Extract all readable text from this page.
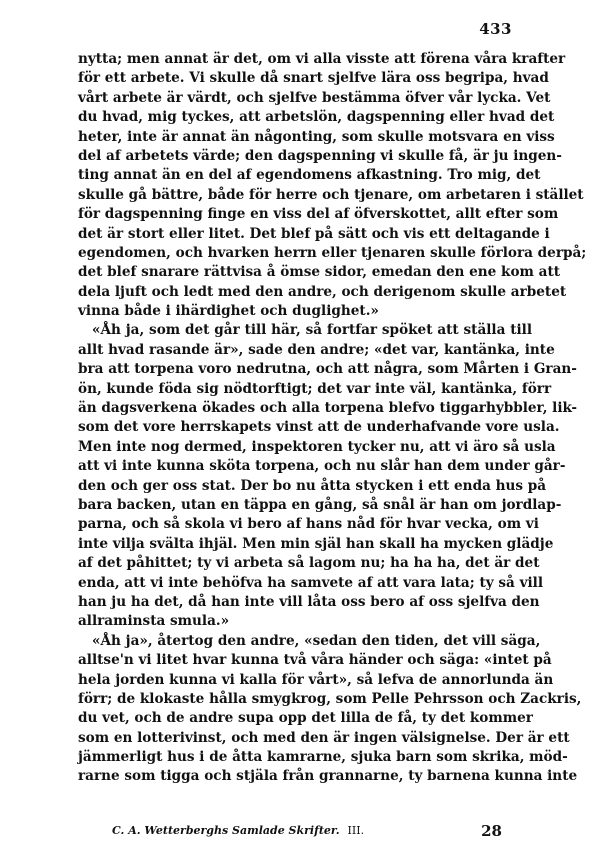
433
nytta; men annat är det, om vi alla visste att förena våra krafter
för ett arbete. Vi skulle då snart sjelfve lära oss begripa, hvad
vårt arbete är värdt, och sjelfve bestämma öfver vår lycka. Vet
du hvad, mig tyckes, att arbetslön, dagspenning eller hvad det
heter, inte är annat än någonting, som skulle motsvara en viss
del af arbetets värde; den dagspenning vi skulle få, är ju ingen-
ting annat än en del af egendomens afkastning. Tro mig, det
skulle gå bättre, både för herre och tjenare, om arbetaren i stället
för dagspenning finge en viss del af öfverskottet, allt efter som
det är stort eller litet. Det blef på sätt och vis ett deltagande i
egendomen, och hvarken herrn eller tjenaren skulle förlora derpå;
det blef snarare rättvisa å ömse sidor, emedan den ene kom att
dela ljuft och ledt med den andre, och derigenom skulle arbetet
vinna både i ihärdighet och duglighet.»
«Åh ja, som det går till här, så fortfar spöket att ställa till
allt hvad rasande är», sade den andre; «det var, kantänka, inte
bra att torpena voro nedrutna, och att några, som Mårten i Gran-
ön, kunde föda sig nödtorftigt; det var inte väl, kantänka, förr
än dagsverkena ökades och alla torpena blefvo tiggarhybbler, lik-
som det vore herrskapets vinst att de underhafvande vore usla.
Men inte nog dermed, inspektoren tycker nu, att vi äro så usla
att vi inte kunna sköta torpena, och nu slår han dem under går-
den och ger oss stat. Der bo nu åtta stycken i ett enda hus på
bara backen, utan en täppa en gång, så snål är han om jordlap-
parna, och så skola vi bero af hans nåd för hvar vecka, om vi
inte vilja svälta ihjäl. Men min själ han skall ha mycken glädje
af det påhittet; ty vi arbeta så lagom nu; ha ha ha, det är det
enda, att vi inte behöfva ha samvete af att vara lata; ty så vill
han ju ha det, då han inte vill låta oss bero af oss sjelfva den
allraminsta smula.»
«Åh ja», återtog den andre, «sedan den tiden, det vill säga,
alltse'n vi litet hvar kunna två våra händer och säga: «intet på
hela jorden kunna vi kalla för vårt», så lefva de annorlunda än
förr; de klokaste hålla smygkrog, som Pelle Pehrsson och Zackris,
du vet, och de andre supa opp det lilla de få, ty det kommer
som en lotterivinst, och med den är ingen välsignelse. Der är ett
jämmerligt hus i de åtta kamrarne, sjuka barn som skrika, möd-
rarne som tigga och stjäla från grannarne, ty barnena kunna inte
C. A. Wetterberghs Samlade Skrifter. III.	28
